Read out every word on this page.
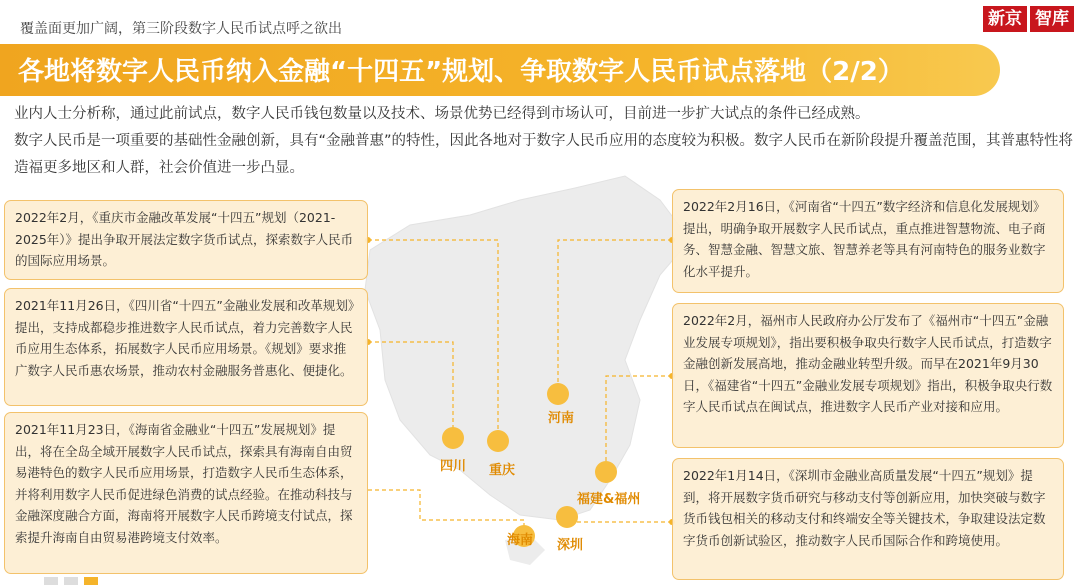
覆盖面更加广阔，第三阶段数字人民币试点呼之欲出	新京 智库
各地将数字人民币纳入金融“十四五”规划、争取数字人民币试点落地（2/2）

业内人士分析称，通过此前试点，数字人民币钱包数量以及技术、场景优势已经得到市场认可，目前进一步扩大试点的条件已经成熟。

数字人民币是一项重要的基础性金融创新，具有“金融普惠”的特性，因此各地对于数字人民币应用的态度较为积极。数字人民币在新阶段提升覆盖范围，其普惠特性将造福更多地区和人群，社会价值进一步凸显。

2022年2月，《重庆市金融改革发展“十四五”规划（2021-2025年）》提出争取开展法定数字货币试点，探索数字人民币的国际应用场景。
2021年11月26日，《四川省“十四五”金融业发展和改革规划》提出，支持成都稳步推进数字人民币试点，着力完善数字人民币应用生态体系，拓展数字人民币应用场景。《规划》要求推广数字人民币惠农场景，推动农村金融服务普惠化、便捷化。
2021年11月23日，《海南省金融业“十四五”发展规划》提出，将在全岛全域开展数字人民币试点，探索具有海南自由贸易港特色的数字人民币应用场景，打造数字人民币生态体系，并将利用数字人民币促进绿色消费的试点经验。在推动科技与金融深度融合方面，海南将开展数字人民币跨境支付试点，探索提升海南自由贸易港跨境支付效率。
2022年2月16日，《河南省“十四五”数字经济和信息化发展规划》提出，明确争取开展数字人民币试点，重点推进智慧物流、电子商务、智慧金融、智慧文旅、智慧养老等具有河南特色的服务业数字化水平提升。
2022年2月，福州市人民政府办公厅发布了《福州市“十四五”金融业发展专项规划》，指出要积极争取央行数字人民币试点，打造数字金融创新发展高地，推动金融业转型升级。而早在2021年9月30日，《福建省“十四五”金融业发展专项规划》指出，积极争取央行数字人民币试点在闽试点，推进数字人民币产业对接和应用。
2022年1月14日，《深圳市金融业高质量发展“十四五”规划》提到，将开展数字货币研究与移动支付等创新应用，加快突破与数字货币钱包相关的移动支付和终端安全等关键技术，争取建设法定数字货币创新试验区，推动数字人民币国际合作和跨境使用。
四川 重庆
河南
福建&福州
深圳
海南
